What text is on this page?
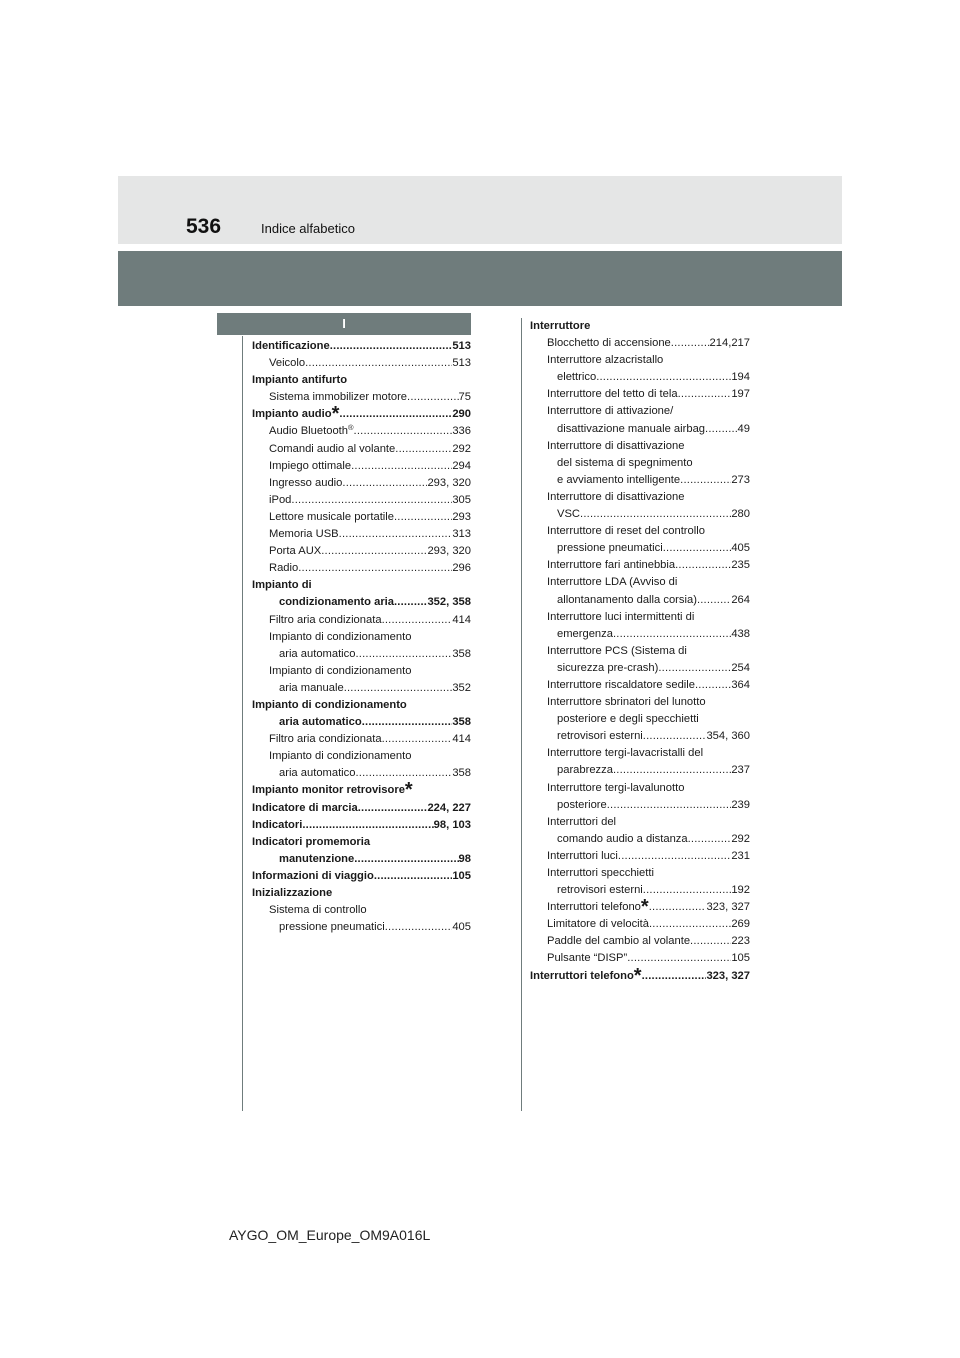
536	Indice alfabetico
I
Identificazione .....	513
Veicolo .....	513
Impianto antifurto
Sistema immobilizer motore .....	75
Impianto audio* .....	290
Audio Bluetooth® .....	336
Comandi audio al volante .....	292
Impiego ottimale .....	294
Ingresso audio .....	293, 320
iPod .....	305
Lettore musicale portatile .....	293
Memoria USB .....	313
Porta AUX .....	293, 320
Radio .....	296
Impianto di
condizionamento aria .....	352, 358
Filtro aria condizionata .....	414
Impianto di condizionamento
aria automatico .....	358
Impianto di condizionamento
aria manuale .....	352
Impianto di condizionamento
aria automatico .....	358
Filtro aria condizionata .....	414
Impianto di condizionamento
aria automatico .....	358
Impianto monitor retrovisore*
Indicatore di marcia .....	224, 227
Indicatori .....	98, 103
Indicatori promemoria
manutenzione .....	98
Informazioni di viaggio .....	105
Inizializzazione
Sistema di controllo
pressione pneumatici .....	405
Interruttore
Blocchetto di accensione .....	214,217
Interruttore alzacristallo
elettrico .....	194
Interruttore del tetto di tela .....	197
Interruttore di attivazione/
disattivazione manuale airbag .....	49
Interruttore di disattivazione
del sistema di spegnimento
e avviamento intelligente .....	273
Interruttore di disattivazione
VSC .....	280
Interruttore di reset del controllo
pressione pneumatici .....	405
Interruttore fari antinebbia .....	235
Interruttore LDA (Avviso di
allontanamento dalla corsia) .....	264
Interruttore luci intermittenti di
emergenza .....	438
Interruttore PCS (Sistema di
sicurezza pre-crash) .....	254
Interruttore riscaldatore sedile .....	364
Interruttore sbrinatori del lunotto
posteriore e degli specchietti
retrovisori esterni .....	354, 360
Interruttore tergi-lavacristalli del
parabrezza .....	237
Interruttore tergi-lavalunotto
posteriore .....	239
Interruttori del
comando audio a distanza .....	292
Interruttori luci .....	231
Interruttori specchietti
retrovisori esterni .....	192
Interruttori telefono* .....	323, 327
Limitatore di velocità .....	269
Paddle del cambio al volante .....	223
Pulsante “DISP” .....	105
Interruttori telefono* .....	323, 327
AYGO_OM_Europe_OM9A016L
